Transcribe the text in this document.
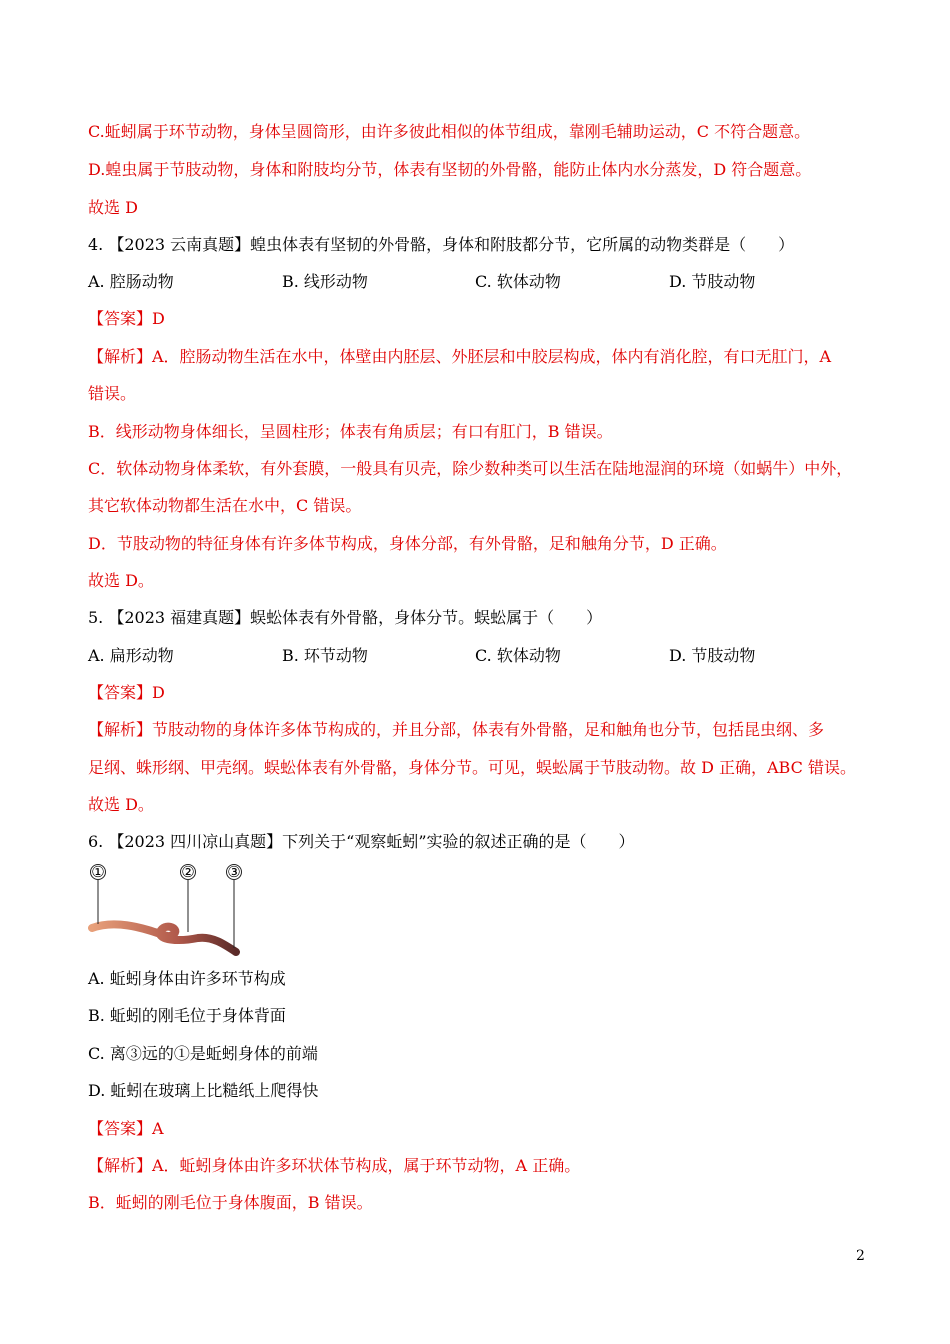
C.蚯蚓属于环节动物，身体呈圆筒形，由许多彼此相似的体节组成，靠刚毛辅助运动，C 不符合题意。
D.蝗虫属于节肢动物，身体和附肢均分节，体表有坚韧的外骨骼，能防止体内水分蒸发，D 符合题意。
故选 D
4. 【2023 云南真题】蝗虫体表有坚韧的外骨骼，身体和附肢都分节，它所属的动物类群是（　　）
A. 腔肠动物	B. 线形动物	C. 软体动物	D. 节肢动物
【答案】D
【解析】A．腔肠动物生活在水中，体壁由内胚层、外胚层和中胶层构成，体内有消化腔，有口无肛门，A
错误。
B．线形动物身体细长，呈圆柱形；体表有角质层；有口有肛门，B 错误。
C．软体动物身体柔软，有外套膜，一般具有贝壳，除少数种类可以生活在陆地湿润的环境（如蜗牛）中外，
其它软体动物都生活在水中，C 错误。
D．节肢动物的特征身体有许多体节构成，身体分部，有外骨骼，足和触角分节，D 正确。
故选 D。
5. 【2023 福建真题】蜈蚣体表有外骨骼，身体分节。蜈蚣属于（　　）
A. 扁形动物	B. 环节动物	C. 软体动物	D. 节肢动物
【答案】D
【解析】节肢动物的身体许多体节构成的，并且分部，体表有外骨骼，足和触角也分节，包括昆虫纲、多
足纲、蛛形纲、甲壳纲。蜈蚣体表有外骨骼，身体分节。可见，蜈蚣属于节肢动物。故 D 正确，ABC 错误。
故选 D。
6. 【2023 四川凉山真题】下列关于“观察蚯蚓”实验的叙述正确的是（　　）
①	② ③
A. 蚯蚓身体由许多环节构成
B. 蚯蚓的刚毛位于身体背面
C. 离③远的①是蚯蚓身体的前端
D. 蚯蚓在玻璃上比糙纸上爬得快
【答案】A
【解析】A．蚯蚓身体由许多环状体节构成，属于环节动物，A 正确。
B．蚯蚓的刚毛位于身体腹面，B 错误。
2
